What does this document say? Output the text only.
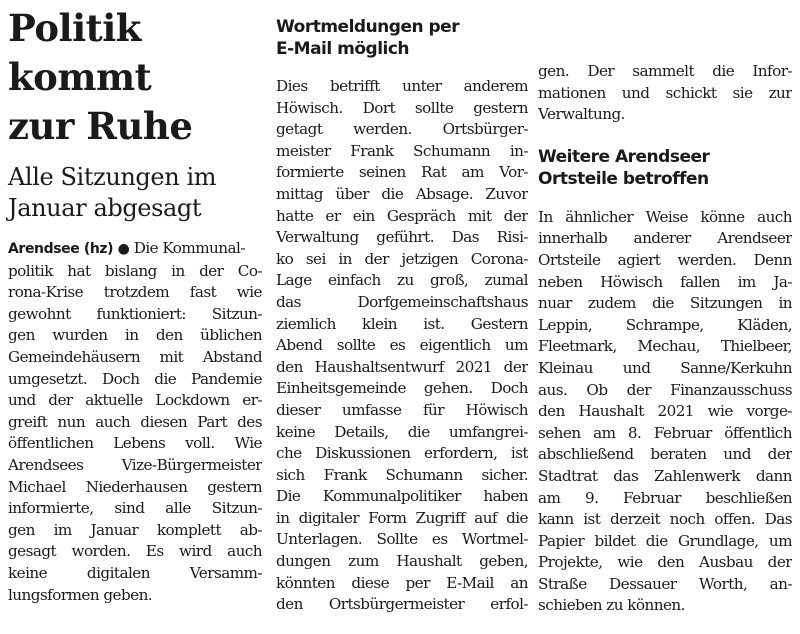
Politik
kommt
zur Ruhe
Alle Sitzungen im
Januar abgesagt
Arendsee (hz) ● Die Kommunal-
politik hat bislang in der Co-
rona-Krise trotzdem fast wie
gewohnt funktioniert: Sitzun-
gen wurden in den üblichen
Gemeindehäusern mit Abstand
umgesetzt. Doch die Pandemie
und der aktuelle Lockdown er-
greift nun auch diesen Part des
öffentlichen Lebens voll. Wie
Arendsees Vize-Bürgermeister
Michael Niederhausen gestern
informierte, sind alle Sitzun-
gen im Januar komplett ab-
gesagt worden. Es wird auch
keine digitalen Versamm-
lungsformen geben.
Wortmeldungen per
E-Mail möglich
Dies betrifft unter anderem
Höwisch. Dort sollte gestern
getagt werden. Ortsbürger-
meister Frank Schumann in-
formierte seinen Rat am Vor-
mittag über die Absage. Zuvor
hatte er ein Gespräch mit der
Verwaltung geführt. Das Risi-
ko sei in der jetzigen Corona-
Lage einfach zu groß, zumal
das Dorfgemeinschaftshaus
ziemlich klein ist. Gestern
Abend sollte es eigentlich um
den Haushaltsentwurf 2021 der
Einheitsgemeinde gehen. Doch
dieser umfasse für Höwisch
keine Details, die umfangrei-
che Diskussionen erfordern, ist
sich Frank Schumann sicher.
Die Kommunalpolitiker haben
in digitaler Form Zugriff auf die
Unterlagen. Sollte es Wortmel-
dungen zum Haushalt geben,
könnten diese per E-Mail an
den Ortsbürgermeister erfol-
gen. Der sammelt die Infor-
mationen und schickt sie zur
Verwaltung.
Weitere Arendseer
Ortsteile betroffen
In ähnlicher Weise könne auch
innerhalb anderer Arendseer
Ortsteile agiert werden. Denn
neben Höwisch fallen im Ja-
nuar zudem die Sitzungen in
Leppin, Schrampe, Kläden,
Fleetmark, Mechau, Thielbeer,
Kleinau und Sanne/Kerkuhn
aus. Ob der Finanzausschuss
den Haushalt 2021 wie vorge-
sehen am 8. Februar öffentlich
abschließend beraten und der
Stadtrat das Zahlenwerk dann
am 9. Februar beschließen
kann ist derzeit noch offen. Das
Papier bildet die Grundlage, um
Projekte, wie den Ausbau der
Straße Dessauer Worth, an-
schieben zu können.
